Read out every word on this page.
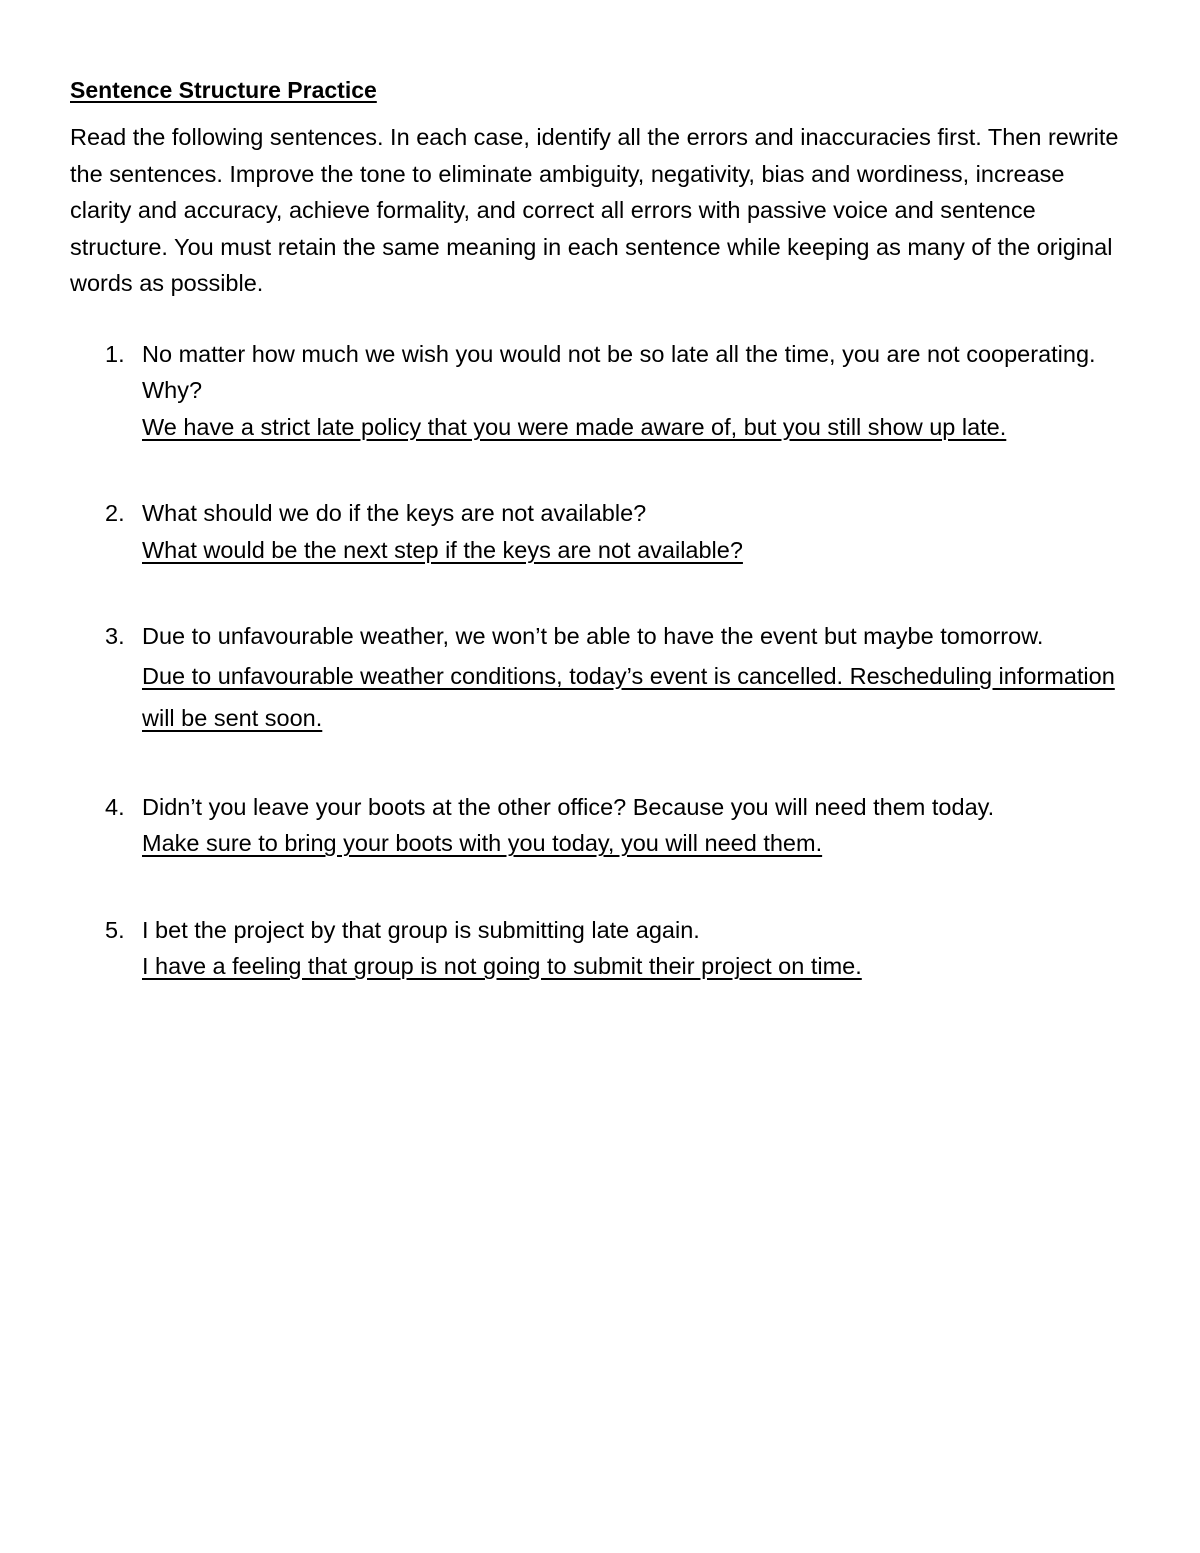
Sentence Structure Practice

Read the following sentences. In each case, identify all the errors and inaccuracies first. Then rewrite the sentences. Improve the tone to eliminate ambiguity, negativity, bias and wordiness, increase clarity and accuracy, achieve formality, and correct all errors with passive voice and sentence structure. You must retain the same meaning in each sentence while keeping as many of the original words as possible.

1. No matter how much we wish you would not be so late all the time, you are not cooperating. Why?
We have a strict late policy that you were made aware of, but you still show up late.
2. What should we do if the keys are not available?
What would be the next step if the keys are not available?
3. Due to unfavourable weather, we won’t be able to have the event but maybe tomorrow.
Due to unfavourable weather conditions, today’s event is cancelled. Rescheduling information will be sent soon.
4. Didn’t you leave your boots at the other office? Because you will need them today.
Make sure to bring your boots with you today, you will need them.
5. I bet the project by that group is submitting late again.
I have a feeling that group is not going to submit their project on time.
